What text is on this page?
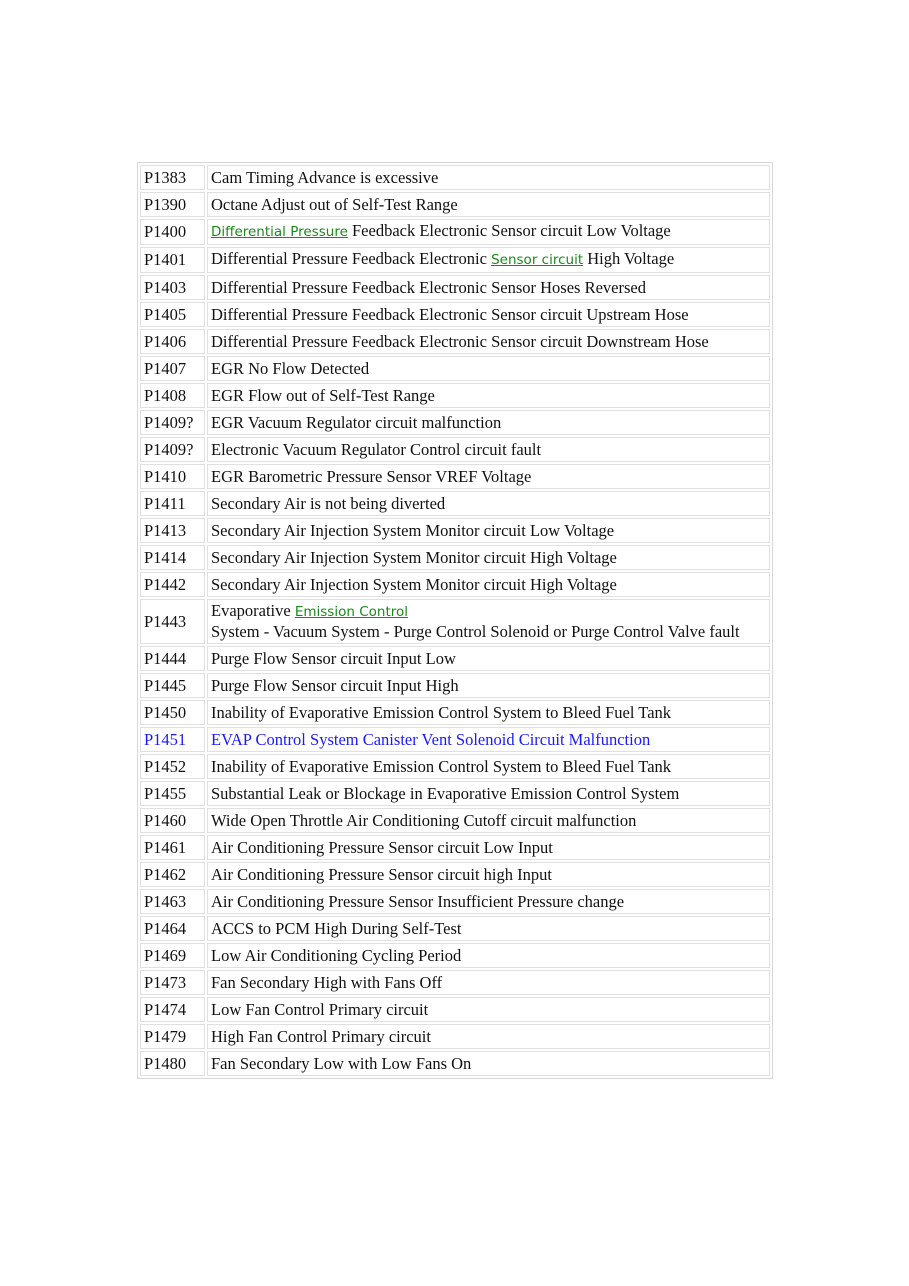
P1383	Cam Timing Advance is excessive
P1390	Octane Adjust out of Self-Test Range
P1400	Differential Pressure Feedback Electronic Sensor circuit Low Voltage
P1401	Differential Pressure Feedback Electronic Sensor circuit High Voltage
P1403	Differential Pressure Feedback Electronic Sensor Hoses Reversed
P1405	Differential Pressure Feedback Electronic Sensor circuit Upstream Hose
P1406	Differential Pressure Feedback Electronic Sensor circuit Downstream Hose
P1407	EGR No Flow Detected
P1408	EGR Flow out of Self-Test Range
P1409?	EGR Vacuum Regulator circuit malfunction
P1409?	Electronic Vacuum Regulator Control circuit fault
P1410	EGR Barometric Pressure Sensor VREF Voltage
P1411	Secondary Air is not being diverted
P1413	Secondary Air Injection System Monitor circuit Low Voltage
P1414	Secondary Air Injection System Monitor circuit High Voltage
P1442	Secondary Air Injection System Monitor circuit High Voltage
P1443	Evaporative Emission Control
System - Vacuum System - Purge Control Solenoid or Purge Control Valve fault
P1444	Purge Flow Sensor circuit Input Low
P1445	Purge Flow Sensor circuit Input High
P1450	Inability of Evaporative Emission Control System to Bleed Fuel Tank
P1451	EVAP Control System Canister Vent Solenoid Circuit Malfunction
P1452	Inability of Evaporative Emission Control System to Bleed Fuel Tank
P1455	Substantial Leak or Blockage in Evaporative Emission Control System
P1460	Wide Open Throttle Air Conditioning Cutoff circuit malfunction
P1461	Air Conditioning Pressure Sensor circuit Low Input
P1462	Air Conditioning Pressure Sensor circuit high Input
P1463	Air Conditioning Pressure Sensor Insufficient Pressure change
P1464	ACCS to PCM High During Self-Test
P1469	Low Air Conditioning Cycling Period
P1473	Fan Secondary High with Fans Off
P1474	Low Fan Control Primary circuit
P1479	High Fan Control Primary circuit
P1480	Fan Secondary Low with Low Fans On
